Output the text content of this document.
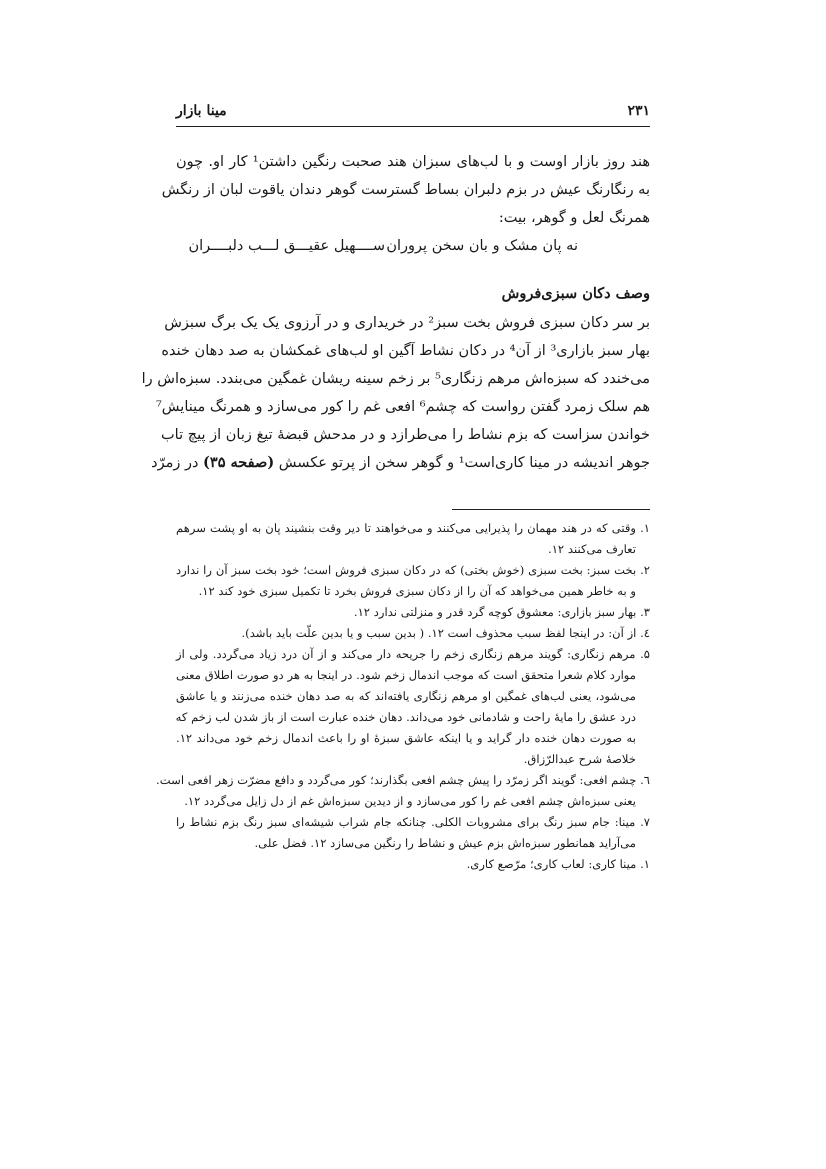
۲۳۱
مینا بازار
هند روز بازار اوست و با لب‌های سبزان هند صحبت رنگین داشتن¹ کار او. چون
به رنگارنگ عیش در بزم دلبران بساط گسترست گوهر دندان یاقوت لبان از رنگش
همرنگ لعل و گوهر، بیت:
نه پان مشک و بان سخن پروران
ســــهیل عقیـــق لـــب دلبــــران
وصف دکان سبزی‌فروش
بر سر دکان سبزی فروش بخت سبز² در خریداری و در آرزوی یک یک برگ سبزش
بهار سبز بازاری³ از آن⁴ در دکان نشاط آگین او لب‌های غمکشان به صد دهان خنده
می‌خندد که سبزه‌اش مرهم زنگاری⁵ بر زخم سینه ریشان غمگین می‌بندد. سبزه‌اش را
هم سلک زمرد گفتن رواست که چشم⁶ افعی غم را کور می‌سازد و همرنگ مینایش⁷
خواندن سزاست که بزم نشاط را می‌طرازد و در مدحش قبضهٔ تیغ زبان از پیچ تاب
جوهر اندیشه در مینا کاری‌است¹ و گوهر سخن از پرتو عکسش (صفحه ۳۵) در زمرّد
۱. وقتی که در هند مهمان را پذیرایی می‌کنند و می‌خواهند تا دیر وقت بنشیند پان به او پشت سرهم
تعارف می‌کنند ۱۲.
۲. بخت سبز: بخت سبزی (خوش بختی) که در دکان سبزی فروش است؛ خود بخت سبز آن را ندارد
و به خاطر همین می‌خواهد که آن را از دکان سبزی فروش بخرد تا تکمیل سبزی خود کند ۱۲.
۳. بهار سبز بازاری: معشوق کوچه گرد قدر و منزلتی ندارد ۱۲.
٤. از آن: در اینجا لفظ سبب محذوف است ۱۲. ( بدین سبب و یا بدین علّت باید باشد).
۵. مرهم زنگاری: گویند مرهم زنگاری زخم را جریحه دار می‌کند و از آن درد زیاد می‌گردد. ولی از
موارد کلام شعرا متحقق است که موجب اندمال زخم شود. در اینجا به هر دو صورت اطلاق معنی
می‌شود، یعنی لب‌های غمگین او مرهم زنگاری یافته‌اند که به صد دهان خنده می‌زنند و یا عاشق
درد عشق را مایهٔ راحت و شادمانی خود می‌داند. دهان خنده عبارت است از باز شدن لب زخم که
به صورت دهان خنده دار گراید و یا اینکه عاشق سبزهٔ او را باعث اندمال زخم خود می‌داند ۱۲.
خلاصهٔ شرح عبدالرّزاق.
٦. چشم افعی: گویند اگر زمرّد را پیش چشم افعی بگذارند؛ کور می‌گردد و دافع مضرّت زهر افعی است.
یعنی سبزه‌اش چشم افعی غم را کور می‌سازد و از دیدین سبزه‌اش غم از دل زایل می‌گردد ۱۲.
۷. مینا: جام سبز رنگ برای مشروبات الکلی. چنانکه جام شراب شیشه‌ای سبز رنگ بزم نشاط را
می‌آراید همانطور سبزه‌اش بزم عیش و نشاط را رنگین می‌سازد ۱۲. فضل علی.
۱. مینا کاری: لعاب کاری؛ مرّصع کاری.
